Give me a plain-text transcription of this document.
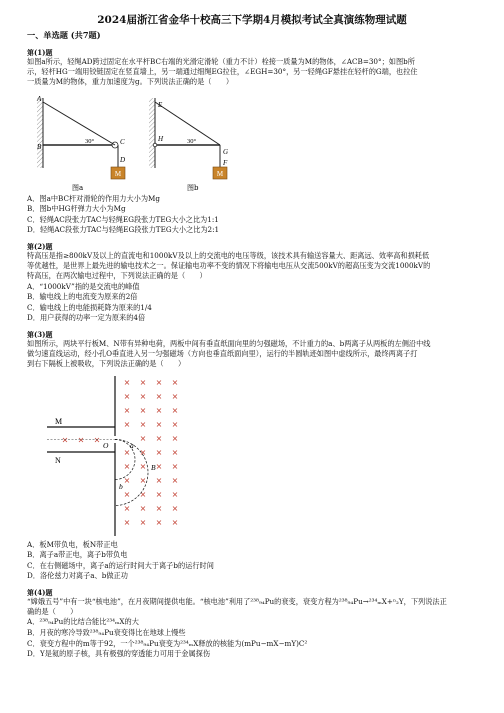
2024届浙江省金华十校高三下学期4月模拟考试全真演练物理试题
一、单选题 (共7题)
第(1)题

如图a所示，轻绳AD跨过固定在水平杆BC右端的光滑定滑轮（重力不计）栓接一质量为M的物体，∠ACB=30°；如图b所

示，轻杆HG一端用铰链固定在竖直墙上，另一端通过细绳EG拉住，∠EGH=30°，另一轻绳GF悬挂在轻杆的G端，也拉住

一质量为M的物体，重力加速度为g。下列说法正确的是（　　）

M
A
B
C
D
30°
图a
M
E
H
G
F
30°
图b

A．图a中BC杆对滑轮的作用力大小为Mg

B．图b中HG杆弹力大小为Mg

C．轻绳AC段张力TAC与轻绳EG段张力TEG大小之比为1:1

D．轻绳AC段张力TAC与轻绳EG段张力TEG大小之比为2:1

第(2)题

特高压是指≥800kV及以上的直流电和1000kV及以上的交流电的电压等级，该技术具有输送容量大、距离远、效率高和损耗低

等优越性，是世界上最先进的输电技术之一。保证输电功率不变的情况下将输电电压从交流500kV的超高压变为交流1000kV的

特高压，在两次输电过程中，下列说法正确的是（　　）

A．“1000kV”指的是交流电的峰值

B．输电线上的电流变为原来的2倍

C．输电线上的电能损耗降为原来的1/4

D．用户获得的功率一定为原来的4倍

第(3)题

如图所示，两块平行板M、N带有异种电荷，两板中间有垂直纸面向里的匀强磁场，不计重力的a、b两离子从两板的左侧沿中线

做匀速直线运动，经小孔O垂直进入另一匀强磁场（方向也垂直纸面向里），运行的半圆轨迹如图中虚线所示，最终两离子打

到右下隔板上被吸收，下列说法正确的是（　　）

× × ×
× × × ×
× × × ×
× × × ×
× × × ×
× × ×
× × × ×
× × × ×
× × × ×
× × × ×
× × × ×
× × × ×
M
N
O	a
b
B

A．板M带负电，板N带正电

B．离子a带正电，离子b带负电

C．在右侧磁场中，离子a的运行时间大于离子b的运行时间

D．洛伦兹力对离子a、b做正功

第(4)题

“嫦娥五号”中有一块“核电池”，在月夜期间提供电能。“核电池”利用了²³⁸₉₄Pu的衰变，衰变方程为²³⁸₉₄Pu→²³⁴ₘX+ⁿ₂Y，下列说法正

确的是（　　）

A．²³⁸₉₄Pu的比结合能比²³⁴ₘX的大

B．月夜的寒冷导致²³⁸₉₄Pu衰变得比在地球上慢些

C．衰变方程中的m等于92，一个²³⁸₉₄Pu衰变为²³⁴ₘX释放的核能为(mPu−mX−mY)C²

D．Y是氦的原子核，具有极强的穿透能力可用于金属探伤
